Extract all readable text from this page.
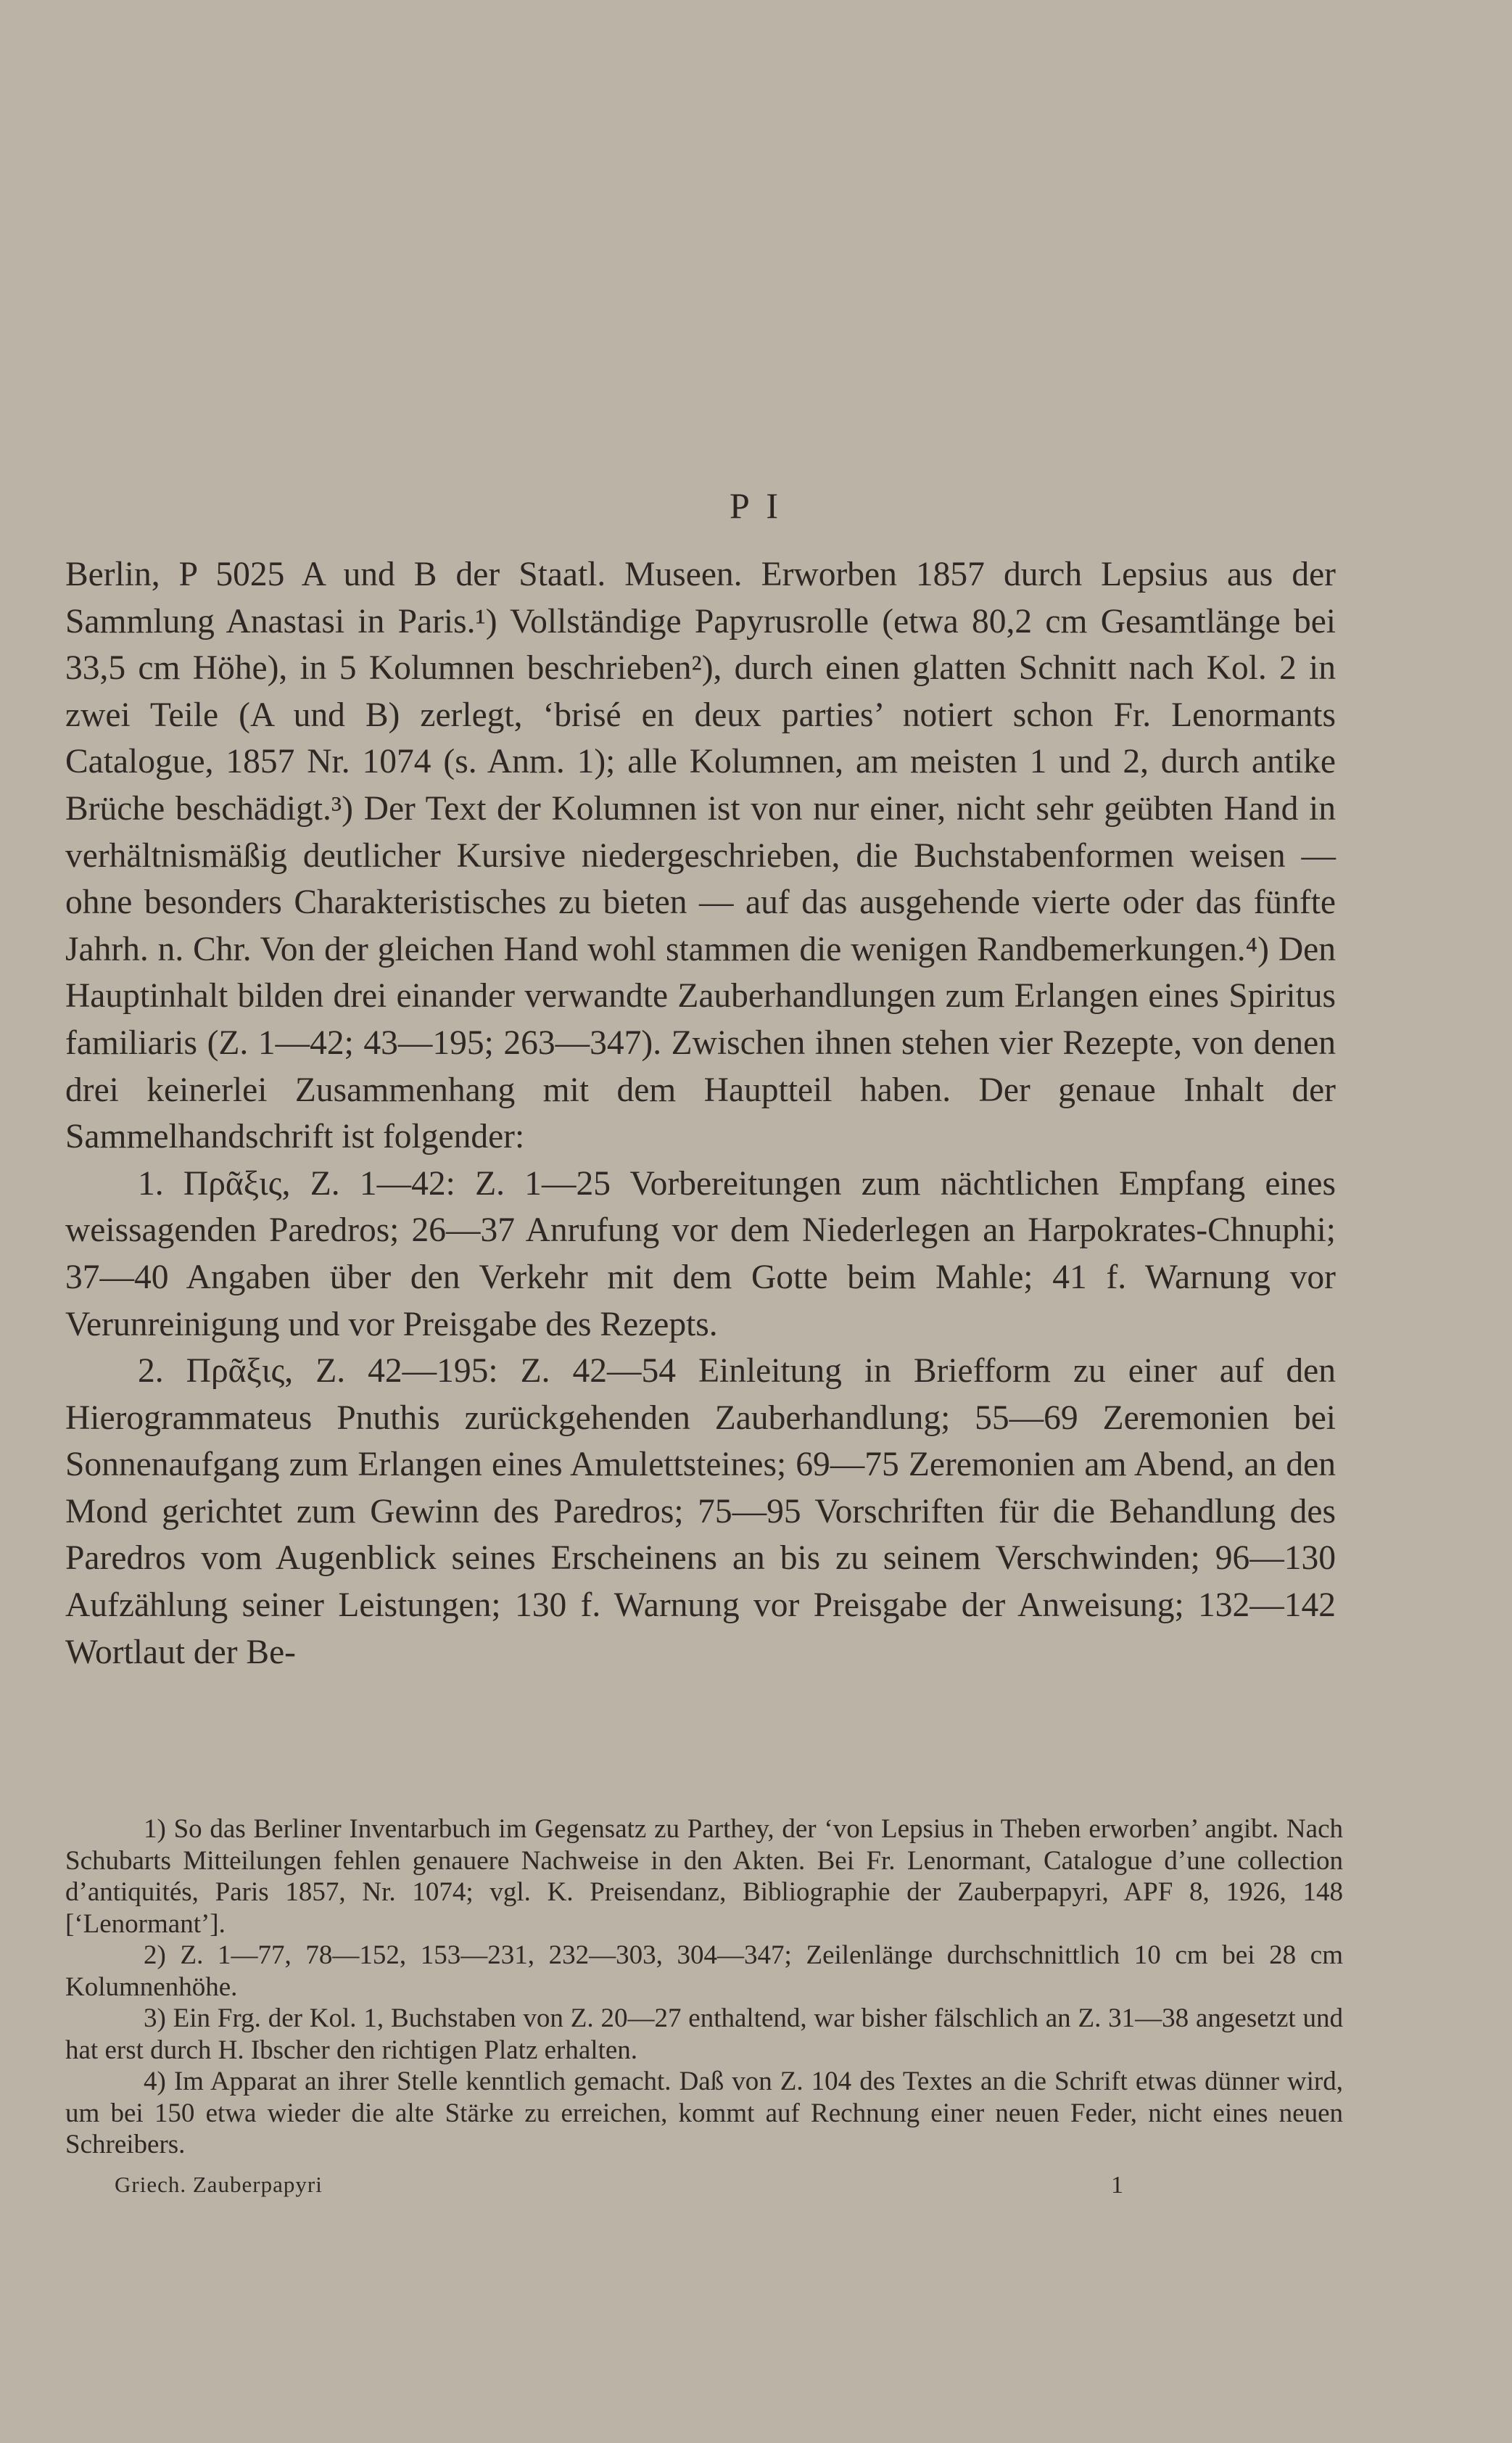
P I

Berlin, P 5025 A und B der Staatl. Museen. Erworben 1857 durch Lepsius aus der Sammlung Anastasi in Paris.¹) Vollständige Papyrusrolle (etwa 80,2 cm Gesamtlänge bei 33,5 cm Höhe), in 5 Kolumnen beschrieben²), durch einen glatten Schnitt nach Kol. 2 in zwei Teile (A und B) zerlegt, ‘brisé en deux parties’ notiert schon Fr. Lenormants Catalogue, 1857 Nr. 1074 (s. Anm. 1); alle Kolumnen, am meisten 1 und 2, durch antike Brüche beschädigt.³) Der Text der Kolumnen ist von nur einer, nicht sehr geübten Hand in verhältnismäßig deutlicher Kursive niedergeschrieben, die Buchstabenformen weisen — ohne besonders Charakteristisches zu bieten — auf das ausgehende vierte oder das fünfte Jahrh. n. Chr. Von der gleichen Hand wohl stammen die wenigen Randbemerkungen.⁴) Den Hauptinhalt bilden drei einander verwandte Zauberhandlungen zum Erlangen eines Spiritus familiaris (Z. 1—42; 43—195; 263—347). Zwischen ihnen stehen vier Rezepte, von denen drei keinerlei Zusammenhang mit dem Hauptteil haben. Der genaue Inhalt der Sammelhandschrift ist folgender:

1. Πρᾶξις, Z. 1—42: Z. 1—25 Vorbereitungen zum nächtlichen Empfang eines weissagenden Paredros; 26—37 Anrufung vor dem Niederlegen an Harpokrates-Chnuphi; 37—40 Angaben über den Verkehr mit dem Gotte beim Mahle; 41 f. Warnung vor Verunreinigung und vor Preisgabe des Rezepts.

2. Πρᾶξις, Z. 42—195: Z. 42—54 Einleitung in Briefform zu einer auf den Hierogrammateus Pnuthis zurückgehenden Zauberhandlung; 55—69 Zeremonien bei Sonnenaufgang zum Erlangen eines Amulettsteines; 69—75 Zeremonien am Abend, an den Mond gerichtet zum Gewinn des Paredros; 75—95 Vorschriften für die Behandlung des Paredros vom Augenblick seines Erscheinens an bis zu seinem Verschwinden; 96—130 Aufzählung seiner Leistungen; 130 f. Warnung vor Preisgabe der Anweisung; 132—142 Wortlaut der Be-

1) So das Berliner Inventarbuch im Gegensatz zu Parthey, der ‘von Lepsius in Theben erworben’ angibt. Nach Schubarts Mitteilungen fehlen genauere Nachweise in den Akten. Bei Fr. Lenormant, Catalogue d’une collection d’antiquités, Paris 1857, Nr. 1074; vgl. K. Preisendanz, Bibliographie der Zauberpapyri, APF 8, 1926, 148 [‘Lenormant’].

2) Z. 1—77, 78—152, 153—231, 232—303, 304—347; Zeilenlänge durchschnittlich 10 cm bei 28 cm Kolumnenhöhe.

3) Ein Frg. der Kol. 1, Buchstaben von Z. 20—27 enthaltend, war bisher fälschlich an Z. 31—38 angesetzt und hat erst durch H. Ibscher den richtigen Platz erhalten.

4) Im Apparat an ihrer Stelle kenntlich gemacht. Daß von Z. 104 des Textes an die Schrift etwas dünner wird, um bei 150 etwa wieder die alte Stärke zu erreichen, kommt auf Rechnung einer neuen Feder, nicht eines neuen Schreibers.

Griech. Zauberpapyri	1
